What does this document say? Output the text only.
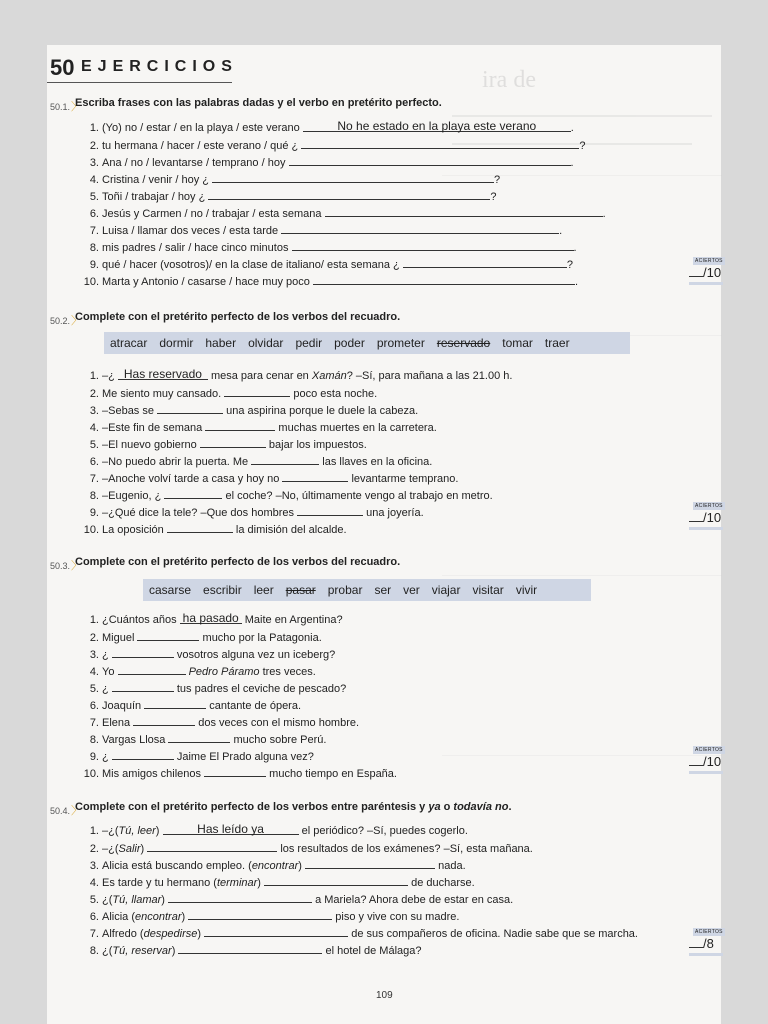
ira de
50 EJERCICIOS
50.1. 〉 Escriba frases con las palabras dadas y el verbo en pretérito perfecto.
1. (Yo) no / estar / en la playa / este verano	No he estado en la playa este verano	.
2. tu hermana / hacer / este verano / qué ¿	?
3. Ana / no / levantarse / temprano / hoy	.
4. Cristina / venir / hoy ¿	?
5. Toñi / trabajar / hoy ¿	?
6. Jesús y Carmen / no / trabajar / esta semana	.
7. Luisa / llamar dos veces / esta tarde	.
8. mis padres / salir / hace cinco minutos	.
9. qué / hacer (vosotros)/ en la clase de italiano/ esta semana ¿	?
10. Marta y Antonio / casarse / hace muy poco	.
ACIERTOS
/10
50.2. 〉 Complete con el pretérito perfecto de los verbos del recuadro.
atracar dormir haber olvidar pedir poder prometer reservado tomar traer
1. –¿ Has reservado mesa para cenar en Xamán? –Sí, para mañana a las 21.00 h.
2. Me siento muy cansado.	poco esta noche.
3. –Sebas se	una aspirina porque le duele la cabeza.
4. –Este fin de semana	muchas muertes en la carretera.
5. –El nuevo gobierno	bajar los impuestos.
6. –No puedo abrir la puerta. Me	las llaves en la oficina.
7. –Anoche volví tarde a casa y hoy no	levantarme temprano.
8. –Eugenio, ¿	el coche? –No, últimamente vengo al trabajo en metro.
9. –¿Qué dice la tele? –Que dos hombres	una joyería.
10. La oposición	la dimisión del alcalde.
ACIERTOS
/10
50.3. 〉 Complete con el pretérito perfecto de los verbos del recuadro.
casarse escribir leer pasar probar ser ver viajar visitar vivir
1. ¿Cuántos años ha pasado Maite en Argentina?
2. Miguel	mucho por la Patagonia.
3. ¿	vosotros alguna vez un iceberg?
4. Yo	Pedro Páramo tres veces.
5. ¿	tus padres el ceviche de pescado?
6. Joaquín	cantante de ópera.
7. Elena	dos veces con el mismo hombre.
8. Vargas Llosa	mucho sobre Perú.
9. ¿	Jaime El Prado alguna vez?
10. Mis amigos chilenos	mucho tiempo en España.
ACIERTOS
/10
50.4. 〉 Complete con el pretérito perfecto de los verbos entre paréntesis y ya o todavía no.
1. –¿(Tú, leer)	Has leído ya	el periódico? –Sí, puedes cogerlo.
2. –¿(Salir)	los resultados de los exámenes? –Sí, esta mañana.
3. Alicia está buscando empleo. (encontrar)	nada.
4. Es tarde y tu hermano (terminar)	de ducharse.
5. ¿(Tú, llamar)	a Mariela? Ahora debe de estar en casa.
6. Alicia (encontrar)	piso y vive con su madre.
7. Alfredo (despedirse)	de sus compañeros de oficina. Nadie sabe que se marcha.
8. ¿(Tú, reservar)	el hotel de Málaga?
ACIERTOS
/8
109
